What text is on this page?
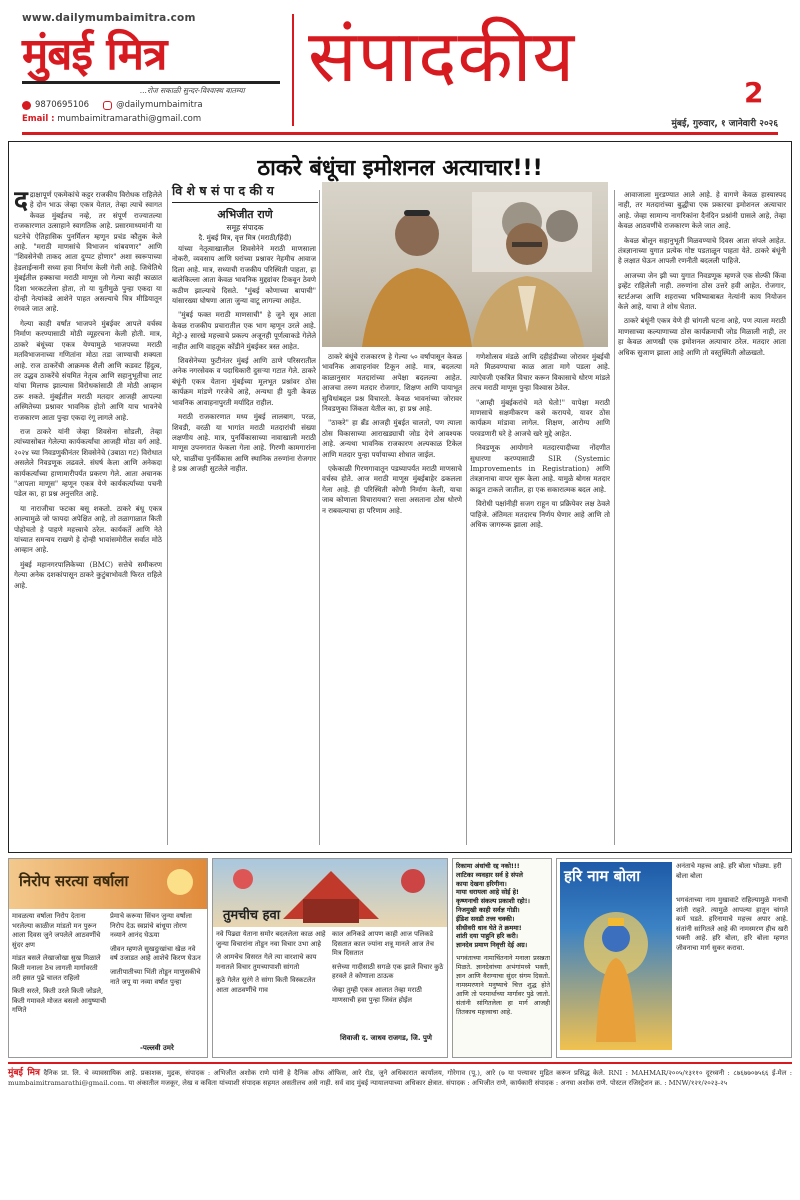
www.dailymumbaimitra.com
मुंबई मित्र
...रोज सकाळी सुन्दर-विश्वास्थ बातम्या
9870695106	@dailymumbaimitra
Email : mumbaimitramarathi@gmail.com
संपादकीय	2
मुंबई, गुरुवार, १ जानेवारी २०२६
ठाकरे बंधूंचा इमोशनल अत्याचार!!!

दद्राक्षापूर्ण एकमेकांचे कट्टर राजकीय विरोधक राहिलेले हे दोन भाऊ जेव्हा एकत्र येतात, तेव्हा त्याचे स्वागत केवळ मुंबईतच नव्हे, तर संपूर्ण राज्यातल्या राजकारणात उत्साहाने स्वागतिक आहे. प्रसारमाध्यमांनी या घटनेचे ऐतिहासिक पुनर्मिलन म्हणून प्रचंड कौतुक केले आहे. "मराठी माणसांचे विभाजन थांबवणार" आणि "शिवसेनेची ताकद आता दुप्पट होणार" अशा स्वरूपाच्या हेडलाईन्सनी सध्या हवा निर्माण केली गेली आहे. जिथेतिथे मुंबईतील हक्काचा मराठी माणूस जो गेल्या काही काळात दिशा भरकटलेला होता, तो या युतीमुळे पुन्हा एकदा या दोन्ही नेत्यांकडे आशेने पाहत असल्याचे चित्र मीडियातून रंगवले जात आहे.

गेल्या काही वर्षांत भाजपने मुंबईवर आपले वर्चस्व निर्माण करण्यासाठी मोठी व्यूहरचना केली होती. मात्र, ठाकरे बंधूंच्या एकत्र येण्यामुळे भाजपच्या मराठी मतविभाजनाच्या गणितांना मोठा तडा जाण्याची शक्यता आहे. राज ठाकरेंची आक्रमक शैली आणि कडवट हिंदुत्व, तर उद्धव ठाकरेंचे संयमित नेतृत्व आणि सहानुभूतीचा लाट यांचा मिलाफ झाल्यास विरोधकांसाठी ती मोठी आव्हान ठरू शकते. मुंबईतील मराठी मतदार आजही आपल्या अस्मितेच्या प्रश्नावर भावनिक होतो आणि याच भावनेचे राजकारण आता पुन्हा एकदा रंगू लागले आहे.

राज ठाकरे यांनी जेव्हा शिवसेना सोडली, तेव्हा त्यांच्यासोबत गेलेल्या कार्यकर्त्यांचा आजही मोठा वर्ग आहे. २०२४ च्या निवडणुकीनंतर शिवसेनेचे (उबाठा गट) विरोधात असलेले निवडणूक लढवले. संघर्ष केला आणि अनेकदा कार्यकर्त्यांच्या हाणामारीपर्यंत प्रकरण गेले. आता अचानक "आपला माणूस" म्हणून एकत्र येणे कार्यकर्त्यांच्या पचनी पडेल का, हा प्रश्न अनुत्तरित आहे.

या नाराजीचा फटका बसू शकतो. ठाकरे बंधू एकत्र आल्यामुळे जो फायदा अपेक्षित आहे, तो तळागाळात किती पोहोचतो हे पाहणे महत्त्वाचे ठरेल. कार्यकर्ते आणि नेते यांच्यात समन्वय राखणे हे दोन्ही भावांसमोरील सर्वात मोठे आव्हान आहे.

मुंबई महानगरपालिकेच्या (BMC) सत्तेचे समीकरण गेल्या अनेक दशकांपासून ठाकरे कुटुंबाभोवती फिरत राहिले आहे.

वि शे ष सं पा द की य
अभिजीत राणे
समूह संपादक
दै. मुंबई मित्र, वृत्त मित्र (मराठी/हिंदी)

यांच्या नेतृत्वाखालील शिवसेनेने मराठी माणसाला नोकरी, व्यवसाय आणि घरांच्या प्रश्नावर नेहमीच आवाज दिला आहे. मात्र, सध्याची राजकीय परिस्थिती पाहता, हा बालेकिल्ला आता केवळ भावनिक मुद्द्यांवर टिकवून ठेवणे कठीण झाल्याचे दिसते. "मुंबई कोणाच्या बापाची" यांसारख्या घोषणा आता जुन्या वाटू लागल्या आहेत.

"मुंबई फक्त मराठी माणसाची" हे जुने सूत्र आता केवळ राजकीय प्रचारातील एक भाग म्हणून उरले आहे. मेट्रो-३ सारखे महत्त्वाचे प्रकल्प अजूनही पूर्णत्वाकडे गेलेले नाहीत आणि वाहतूक कोंडीने मुंबईकर त्रस्त आहेत.

शिवसेनेच्या फुटीनंतर मुंबई आणि ठाणे परिसरातील अनेक नगरसेवक व पदाधिकारी दुसऱ्या गटात गेले. ठाकरे बंधूंनी एकत्र येताना मुंबईच्या मूलभूत प्रश्नांवर ठोस कार्यक्रम मांडणे गरजेचे आहे, अन्यथा ही युती केवळ भावनिक आवाहनापुरती मर्यादित राहील.

मराठी राजकारणात मध्य मुंबई लालबाग, परळ, शिवडी, वरळी या भागांत मराठी मतदारांची संख्या लक्षणीय आहे. मात्र, पुनर्विकासाच्या नावाखाली मराठी माणूस उपनगरात फेकला गेला आहे. गिरणी कामगारांना घरे, चाळींचा पुनर्विकास आणि स्थानिक तरुणांना रोजगार हे प्रश्न आजही सुटलेले नाहीत.

ठाकरे बंधूंचे राजकारण हे गेल्या ५० वर्षांपासून केवळ भावनिक आवाहनांवर टिकून आहे. मात्र, बदलत्या काळानुसार मतदारांच्या अपेक्षा बदलल्या आहेत. आजचा तरुण मतदार रोजगार, शिक्षण आणि पायाभूत सुविधांबद्दल प्रश्न विचारतो. केवळ भावनांच्या जोरावर निवडणुका जिंकता येतील का, हा प्रश्न आहे.

"ठाकरे" हा ब्रँड आजही मुंबईत चालतो, पण त्याला ठोस विकासाच्या आराखड्याची जोड देणे आवश्यक आहे. अन्यथा भावनिक राजकारण अल्पकाळ टिकेल आणि मतदार पुन्हा पर्यायाच्या शोधात जाईल.

एकेकाळी गिरणगावातून पडघ्यापर्यंत मराठी माणसाचे वर्चस्व होते. आज मराठी माणूस मुंबईबाहेर ढकलला गेला आहे. ही परिस्थिती कोणी निर्माण केली, याचा जाब कोणाला विचारायचा? सत्ता असताना ठोस धोरणे न राबवल्याचा हा परिणाम आहे.

गणेशोत्सव मंडळे आणि दहीहंडीच्या जोरावर मुंबईची मते मिळवण्याचा काळ आता मागे पडला आहे. त्याऐवजी एकत्रित विचार करून विकासाचे धोरण मांडले तरच मराठी माणूस पुन्हा विश्वास ठेवेल.

"आम्ही मुंबईकरांचे मते घेतो!" यापेक्षा मराठी माणसाचे सक्षमीकरण कसे करायचे, यावर ठोस कार्यक्रम मांडावा लागेल. शिक्षण, आरोग्य आणि परवडणारी घरे हे आजचे खरे मुद्दे आहेत.

निवडणूक आयोगाने मतदारयादीच्या नोंदणीत सुधारणा करण्यासाठी SIR (Systemic Improvements in Registration) आणि तंत्रज्ञानाचा वापर सुरू केला आहे. यामुळे बोगस मतदार काढून टाकले जातील, हा एक सकारात्मक बदल आहे.

विरोधी पक्षांनीही सजग राहून या प्रक्रियेवर लक्ष ठेवले पाहिजे. अंतिमतः मतदारच निर्णय घेणार आहे आणि तो अधिक जागरूक झाला आहे.

आवाजाला मुरडण्यात आले आहे. हे वागणे केवळ हास्यास्पद नाही, तर मतदारांच्या बुद्धीचा एक प्रकारचा इमोशनल अत्याचार आहे. जेव्हा सामान्य नागरिकांना दैनंदिन प्रश्नांनी ग्रासले आहे, तेव्हा केवळ आठवणींचे राजकारण केले जात आहे.

केवळ बोलून सहानुभूती मिळवण्याचे दिवस आता संपले आहेत. तंत्रज्ञानाच्या युगात प्रत्येक गोष्ट पडताळून पाहता येते. ठाकरे बंधूंनी हे लक्षात घेऊन आपली रणनीती बदलली पाहिजे.

आजच्या जेन झी च्या युगात निवडणूक म्हणजे एक सेल्फी किंवा इव्हेंट राहिलेली नाही. तरुणांना ठोस उत्तरे हवी आहेत. रोजगार, स्टार्टअप्स आणि शहराच्या भविष्याबाबत नेत्यांनी काय नियोजन केले आहे, याचा ते शोध घेतात.

ठाकरे बंधूंनी एकत्र येणे ही चांगली घटना आहे, पण त्याला मराठी माणसाच्या कल्याणाच्या ठोस कार्यक्रमाची जोड मिळाली नाही, तर हा केवळ आणखी एक इमोशनल अत्याचार ठरेल. मतदार आता अधिक सुजाण झाला आहे आणि तो वस्तुस्थिती ओळखतो.

निरोप सरत्या वर्षाला

मावळत्या वर्षाला निरोप देताना भरलेल्या काळीज मांडतो मन पुरून आला दिवस जुने जपलेले आठवणींचे सुंदर क्षण

मांडत बसले लेखाजोखा सुख मिळाले किती मनाला ठेच लागली मार्गावरती तरी हसत पुढे चालत राहिलो

किती सरले, किती उरले किती जोडले, किती गमावले मोजत बसलो आयुष्याची गणिते

प्रेमाचे करूया सिंचन जुन्या वर्षाला निरोप देऊ स्वप्नांचे बांधूया तोरण नव्याने आनंद घेऊया

जीवन म्हणजे सुखदुःखांचा खेळ नवे वर्ष उजाडत आहे आशेचे किरण घेऊन

जातीपातीच्या भिंती तोडून माणुसकीचे नाते जपू या नव्या वर्षात पुन्हा

-पल्लवी उमरे
तुमचीच हवा

नवे पिढ्या येताना समोर बदललेला काळ आहे जुन्या विचारांना तोडून नवा विचार उभा आहे

जे आमचेच विसरत गेले त्या वारशाचे काय मनातले विचार तुमच्यापाशी सांगतो

कुठे गेलेत सुरंगे ते सांगा किती विस्कटलेत आता आठवणींचे गाव

काल अनिकडे आपण काही आज पलिकडे दिसतात काल ज्यांना शत्रू मानले आज तेच मित्र दिसतात

सत्तेच्या गादीसाठी सगळे एक झाले विचार कुठे हरवले ते कोणाला ठाऊक

जेव्हा तुम्ही एकत्र आलात तेव्हा मराठी माणसाची हवा पुन्हा जिवंत होईल

शिवाजी द. जाधव राजगड, जि. पुणे
रिकामा अंधांची रद्द नको!!!
लाटिका व्यवहार सर्व हे संपले
काया देखना हरिगीना।
माया धरायला आहे सोई हे!
कृष्णनाची संकल्प प्रकाशी रहो!।
निजमुखी काही सर्वज्ञ गोडी।
ईडिश सवडी तत्त्व चक्की।
सीधीवरी धाव घेते ते क्रममा!
शांती दया पाहुनि हरि करी।
ज्ञानदेव प्रमाण निवृत्ती देई अग्र।
भगवंताच्या नामाचिंतनाने मनाला प्रसन्नता मिळते. ज्ञानदेवांच्या अभंगांमध्ये भक्ती, ज्ञान आणि वैराग्याचा सुंदर संगम दिसतो. नामस्मरणाने मनुष्याचे चित्त शुद्ध होते आणि तो परमार्थाच्या मार्गावर पुढे जातो. संतांनी सांगितलेला हा मार्ग आजही तितकाच महत्त्वाचा आहे.
हरि नाम बोला
अनंताचे महत्त्व आहे. हरि बोला भोळ्या. हरी बोला बोला
भगवंताच्या नाम मुखावाटे राहिल्यामुळे मनाची शांती राहते. त्यामुळे आपल्या हातून चांगले कर्म घडते. हरिनामाचे महत्त्व अपार आहे. संतांनी सांगितले आहे की नामस्मरण हीच खरी भक्ती आहे. हरि बोला, हरि बोला म्हणत जीवनाचा मार्ग सुकर करावा.
मुंबई मित्र दैनिक प्रा. लि. चे व्यावसायिक आहे. प्रकाशक, मुद्रक, संपादक : अभिजीत अशोक राणे यांनी हे दैनिक ऑफ ऑफिस, आरे रोड, जुने अधिकारात कार्यालय, गोरेगाव (पू.), आरे (७ या पत्त्यावर मुद्रित करून प्रसिद्ध केले. RNI : MAHMAR/२००५/१३११० दूरध्वनी : ८७६७७०७५६६ ई-मेल : mumbaimitramarathi@gmail.com. या अंकातील मजकूर, लेख व कविता यांच्याशी संपादक सहमत असतीलच असे नाही. सर्व वाद मुंबई न्यायालयाच्या अधिकार क्षेत्रात. संपादक : अभिजीत राणे, कार्यकारी संपादक : अनघा अशोक राणे. पोस्टल रजिस्ट्रेशन क्र. : MNW/१२१/२०२३-२५
